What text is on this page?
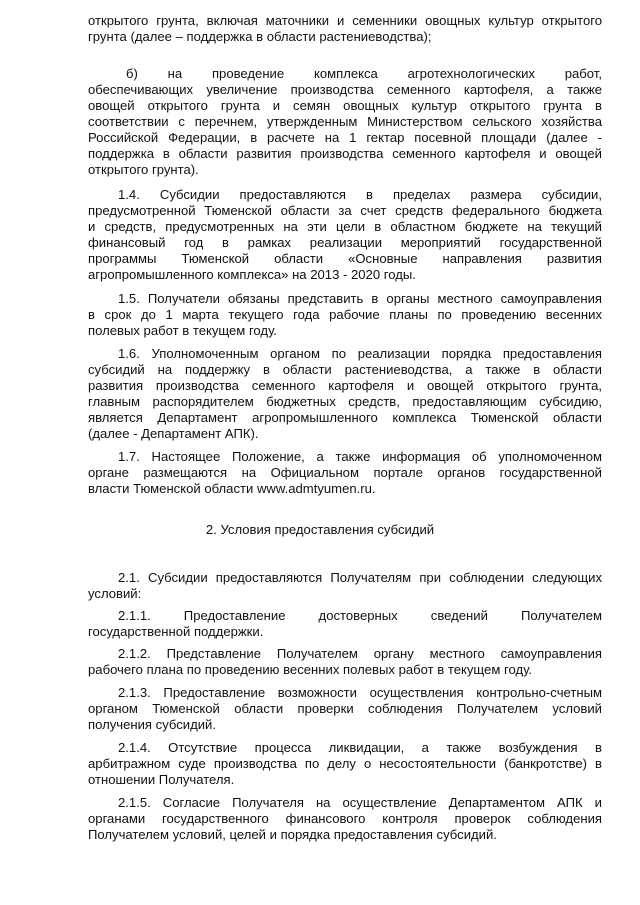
открытого грунта, включая маточники и семенники овощных культур открытого
грунта (далее – поддержка в области растениеводства);
б) на проведение комплекса агротехнологических работ,
обеспечивающих увеличение производства семенного картофеля, а также
овощей открытого грунта и семян овощных культур открытого грунта в
соответствии с перечнем, утвержденным Министерством сельского хозяйства
Российской Федерации, в расчете на 1 гектар посевной площади (далее -
поддержка в области развития производства семенного картофеля и овощей
открытого грунта).
1.4. Субсидии предоставляются в пределах размера субсидии,
предусмотренной Тюменской области за счет средств федерального бюджета
и средств, предусмотренных на эти цели в областном бюджете на текущий
финансовый год в рамках реализации мероприятий государственной
программы Тюменской области «Основные направления развития
агропромышленного комплекса» на 2013 - 2020 годы.
1.5. Получатели обязаны представить в органы местного самоуправления
в срок до 1 марта текущего года рабочие планы по проведению весенних
полевых работ в текущем году.
1.6. Уполномоченным органом по реализации порядка предоставления
субсидий на поддержку в области растениеводства, а также в области
развития производства семенного картофеля и овощей открытого грунта,
главным распорядителем бюджетных средств, предоставляющим субсидию,
является Департамент агропромышленного комплекса Тюменской области
(далее - Департамент АПК).
1.7. Настоящее Положение, а также информация об уполномоченном
органе размещаются на Официальном портале органов государственной
власти Тюменской области www.admtyumen.ru.
2. Условия предоставления субсидий
2.1. Субсидии предоставляются Получателям при соблюдении следующих
условий:
2.1.1. Предоставление достоверных сведений Получателем
государственной поддержки.
2.1.2. Представление Получателем органу местного самоуправления
рабочего плана по проведению весенних полевых работ в текущем году.
2.1.3. Предоставление возможности осуществления контрольно-счетным
органом Тюменской области проверки соблюдения Получателем условий
получения субсидий.
2.1.4. Отсутствие процесса ликвидации, а также возбуждения в
арбитражном суде производства по делу о несостоятельности (банкротстве) в
отношении Получателя.
2.1.5. Согласие Получателя на осуществление Департаментом АПК и
органами государственного финансового контроля проверок соблюдения
Получателем условий, целей и порядка предоставления субсидий.
